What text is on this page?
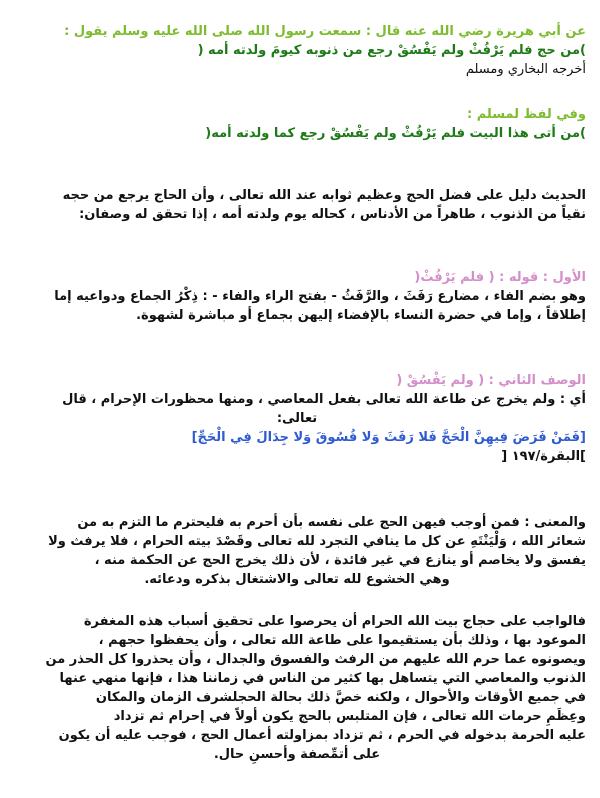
عن أبي هريرة رضي الله عنه قال : سمعت رسول الله صلى الله عليه وسلم يقول :
)من حج فلم يَرْفُثْ ولم يَفْسُقْ رجع من ذنوبه كيومَ ولدته أمه (
أخرجه البخاري ومسلم
وفي لفظ لمسلم :
)من أتى هذا البيت فلم يَرْفُثْ ولم يَفْسُقْ رجع كما ولدته أمه(
الحديث دليل على فضل الحج وعظيم ثوابه عند الله تعالى ، وأن الحاج يرجع من حجه
نقياً من الذنوب ، طاهراً من الأدناس ، كحاله يوم ولدته أمه ، إذا تحقق له وصفان:
الأول : قوله : ( فلم يَرْفُثْ(
وهو بضم الفاء ، مضارع رَفَثَ ، والرَّفَثُ - بفتح الراء والفاء - : ذِكْرُ الجماع ودواعيه إما
إطلاقاً ، وإما في حضرة النساء بالإفضاء إليهن بجماع أو مباشرة لشهوة.
الوصف الثاني : ( ولم يَفْسُقْ (
أي : ولم يخرج عن طاعة الله تعالى بفعل المعاصي ، ومنها محظورات الإحرام ، قال
تعالى:
[فَمَنْ فَرَضَ فِيهِنَّ الْحَجَّ فَلا رَفَثَ وَلا فُسُوقَ وَلا جِدَالَ فِي الْحَجِّ]
]البقرة/١٩٧ [
والمعنى : فمن أوجب فيهن الحج على نفسه بأن أحرم به فليحترم ما التزم به من
شعائر الله ، وَلْيَنْتَهِ عن كل ما ينافي التجرد لله تعالى وقَصْدَ بيته الحرام ، فلا يرفث ولا
يفسق ولا يخاصم أو ينازع في غير فائدة ، لأن ذلك يخرج الحج عن الحكمة منه ،
وهي الخشوع لله تعالى والاشتغال بذكره ودعائه.
فالواجب على حجاج بيت الله الحرام أن يحرصوا على تحقيق أسباب هذه المغفرة
الموعود بها ، وذلك بأن يستقيموا على طاعة الله تعالى ، وأن يحفظوا حجهم ،
ويصونوه عما حرم الله عليهم من الرفث والفسوق والجدال ، وأن يحذروا كل الحذر من
الذنوب والمعاصي التي يتساهل بها كثير من الناس في زماننا هذا ، فإنها منهي عنها
في جميع الأوقات والأحوال ، ولكنه خصَّ ذلك بحالة الحجلشرف الزمان والمكان
وعِظَمِ حرمات الله تعالى ، فإن المتلبس بالحج يكون أولاً في إحرام ثم تزداد
عليه الحرمة بدخوله في الحرم ، ثم تزداد بمزاولته أعمال الحج ، فوجب عليه أن يكون
على أتمِّصفة وأحسنِ حال.
